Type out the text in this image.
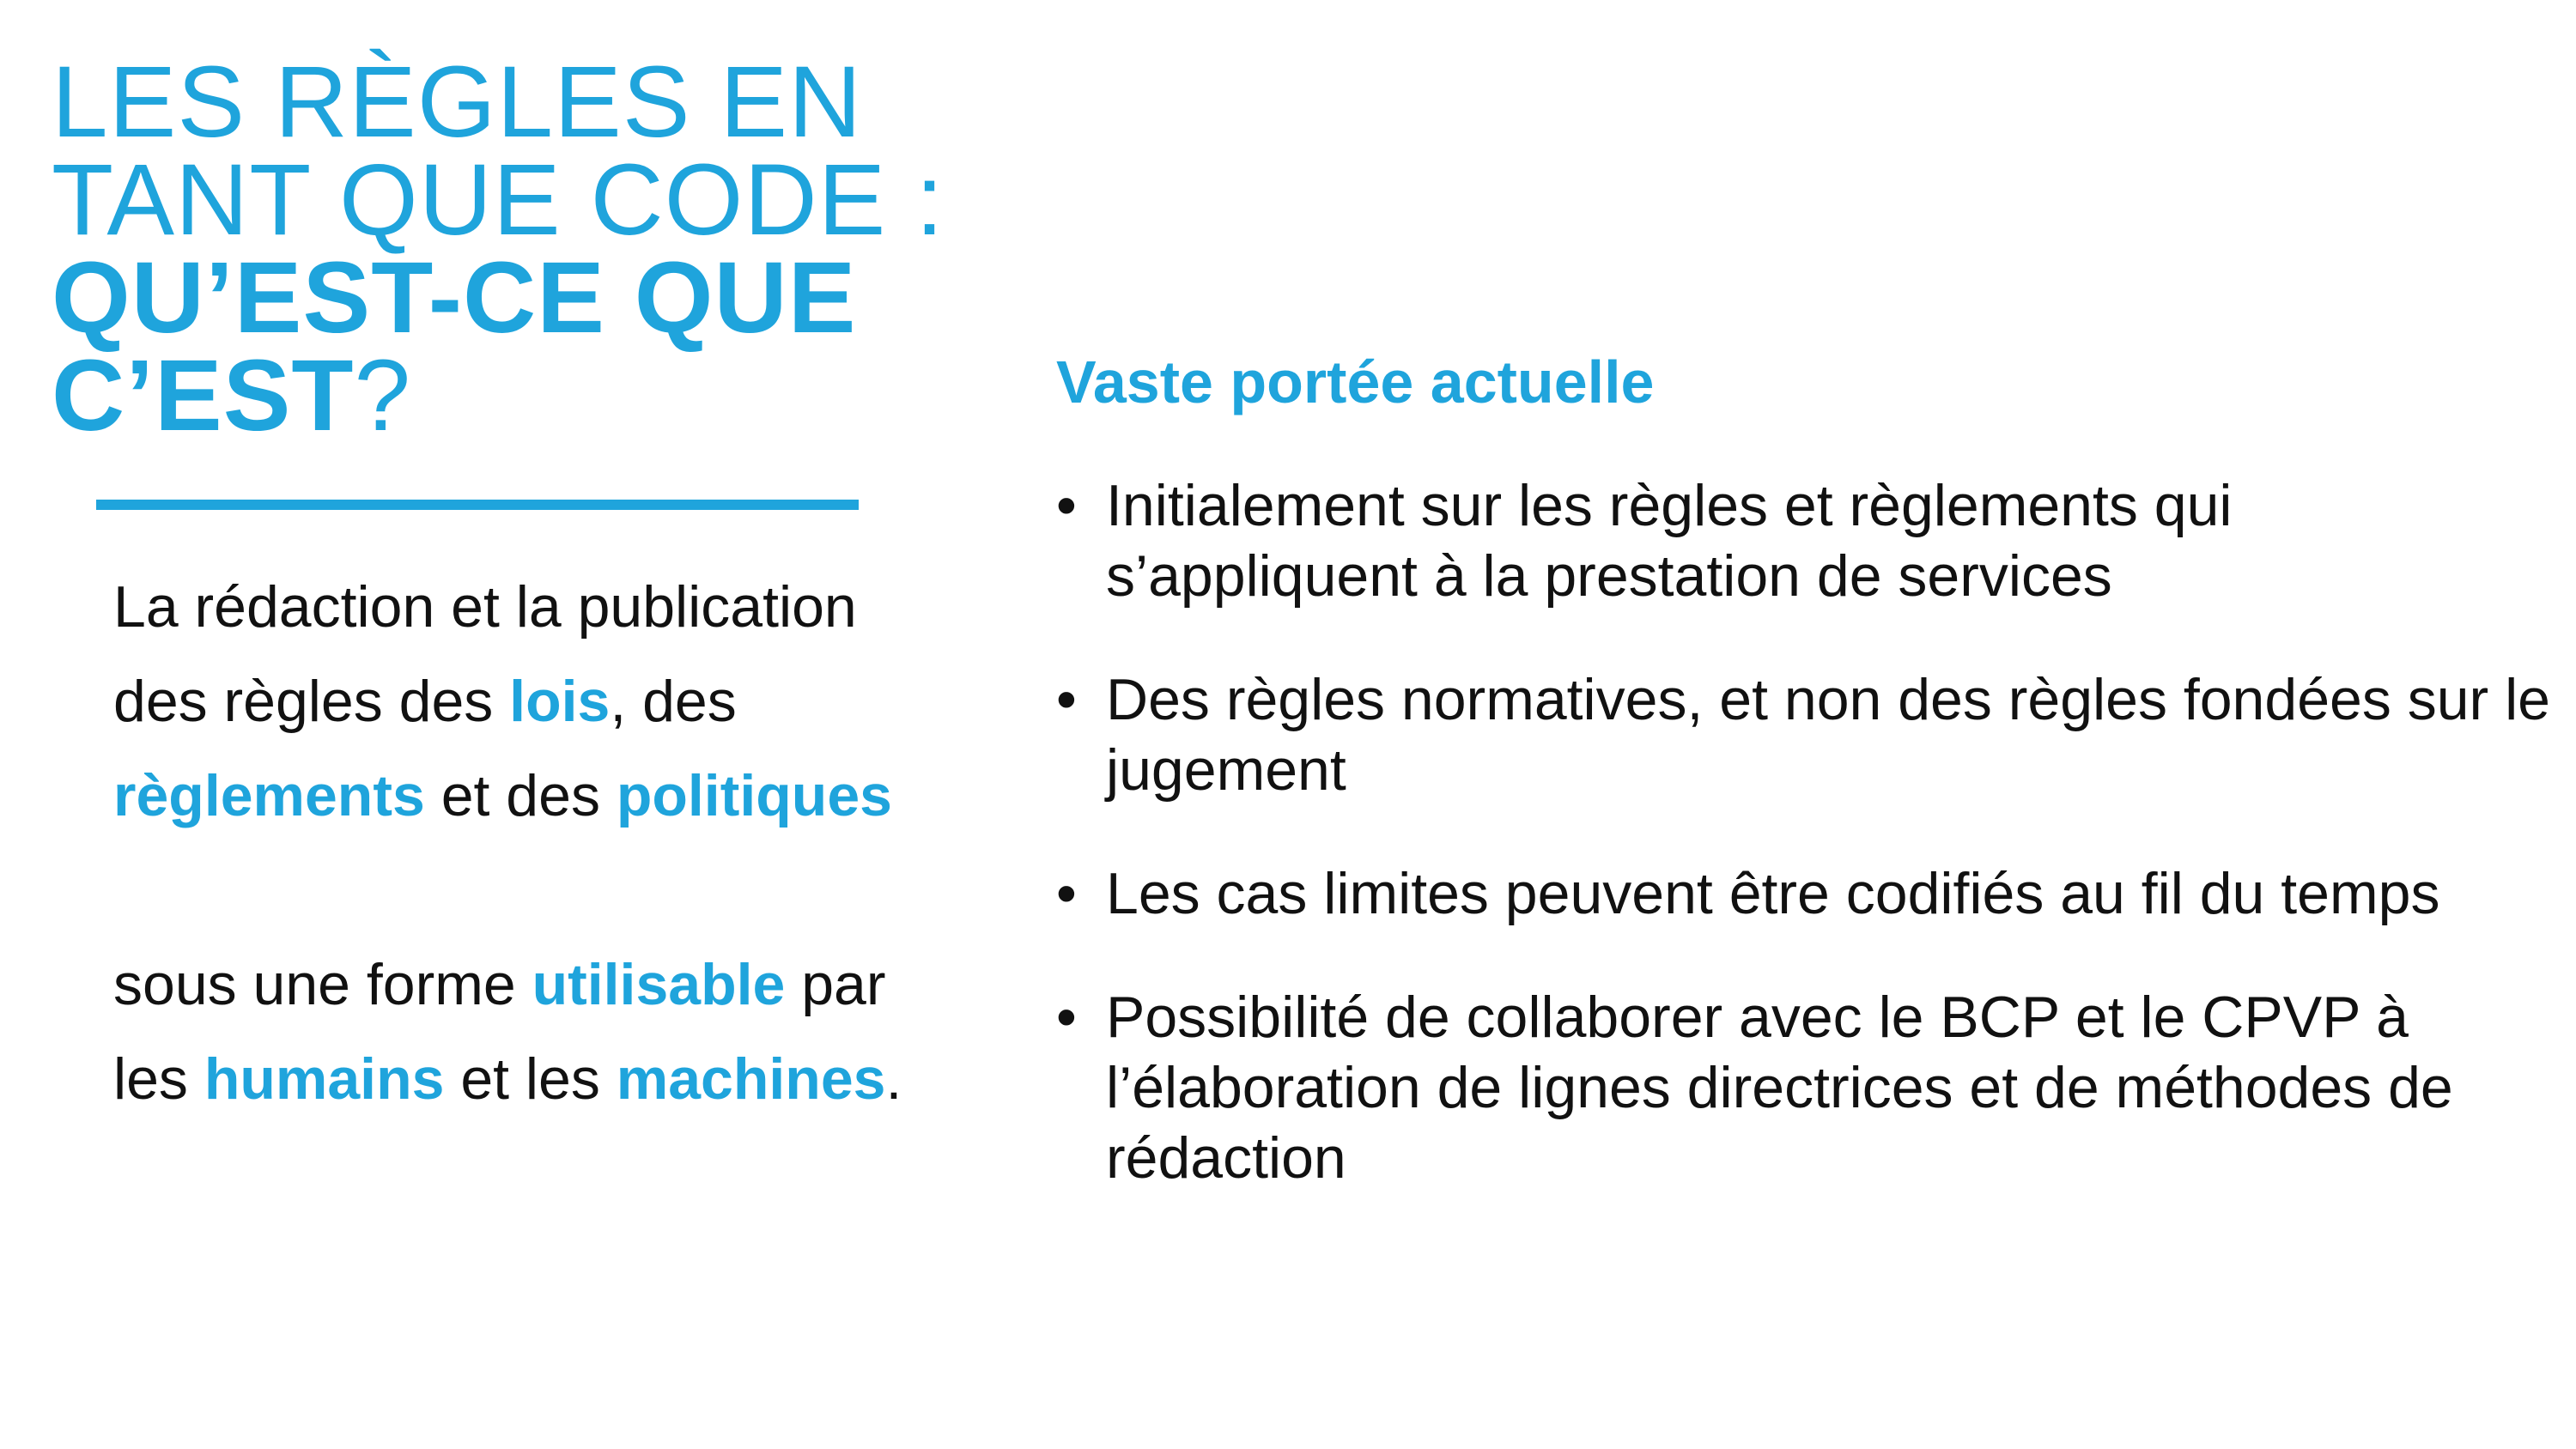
LES RÈGLES EN
TANT QUE CODE :
QU’EST-CE QUE
C’EST?

La rédaction et la publication des règles des lois, des règlements et des politiques

sous une forme utilisable par les humains et les machines.

Vaste portée actuelle
• Initialement sur les règles et règlements qui s’appliquent à la prestation de services
• Des règles normatives, et non des règles fondées sur le jugement
• Les cas limites peuvent être codifiés au fil du temps
• Possibilité de collaborer avec le BCP et le CPVP à l’élaboration de lignes directrices et de méthodes de rédaction
